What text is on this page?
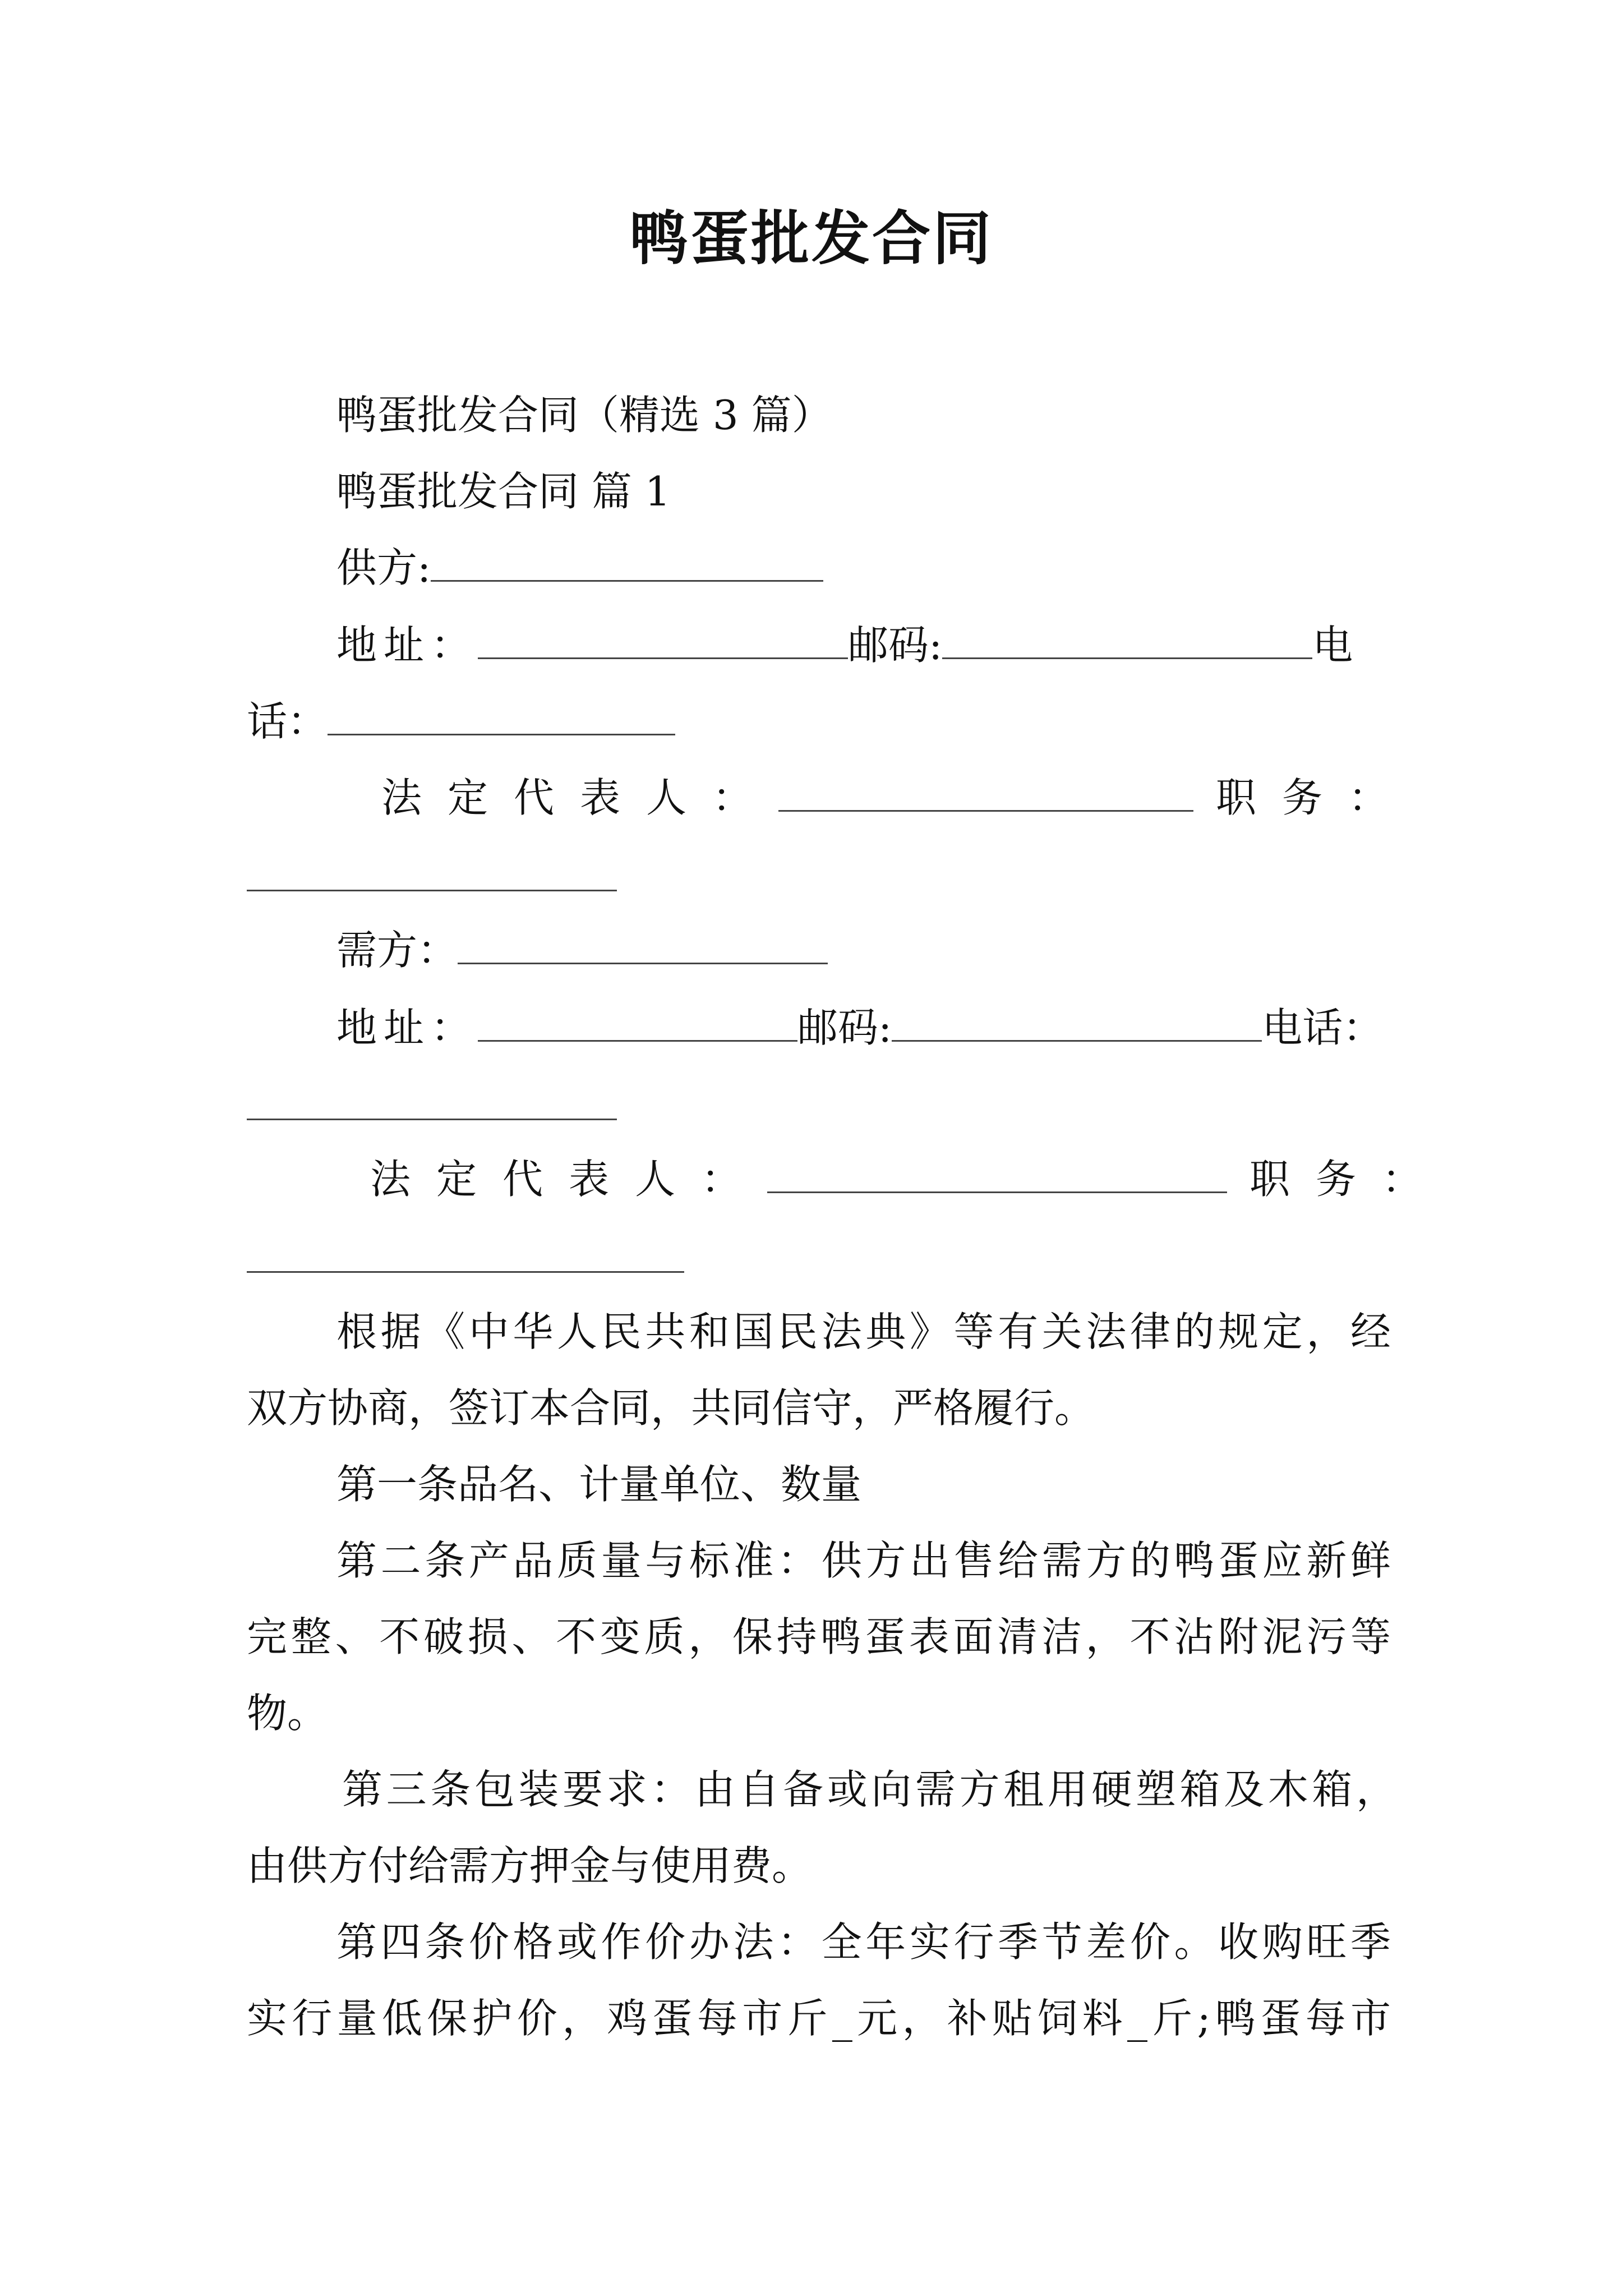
鸭蛋批发合同
鸭蛋批发合同（精选 3 篇）
鸭蛋批发合同 篇 1
供方:
地址：	邮码:	电
话：
法定代表人：	职务：
需方：
地址：	邮码:	电话：
法定代表人：	职务：
根据《中华人民共和国民法典》等有关法律的规定，经
双方协商，签订本合同，共同信守，严格履行。
第一条品名、计量单位、数量
第二条产品质量与标准：供方出售给需方的鸭蛋应新鲜
完整、不破损、不变质，保持鸭蛋表面清洁，不沾附泥污等
物。
第三条包装要求：由自备或向需方租用硬塑箱及木箱，
由供方付给需方押金与使用费。
第四条价格或作价办法：全年实行季节差价。收购旺季
实行量低保护价，鸡蛋每市斤_元，补贴饲料_斤;鸭蛋每市
